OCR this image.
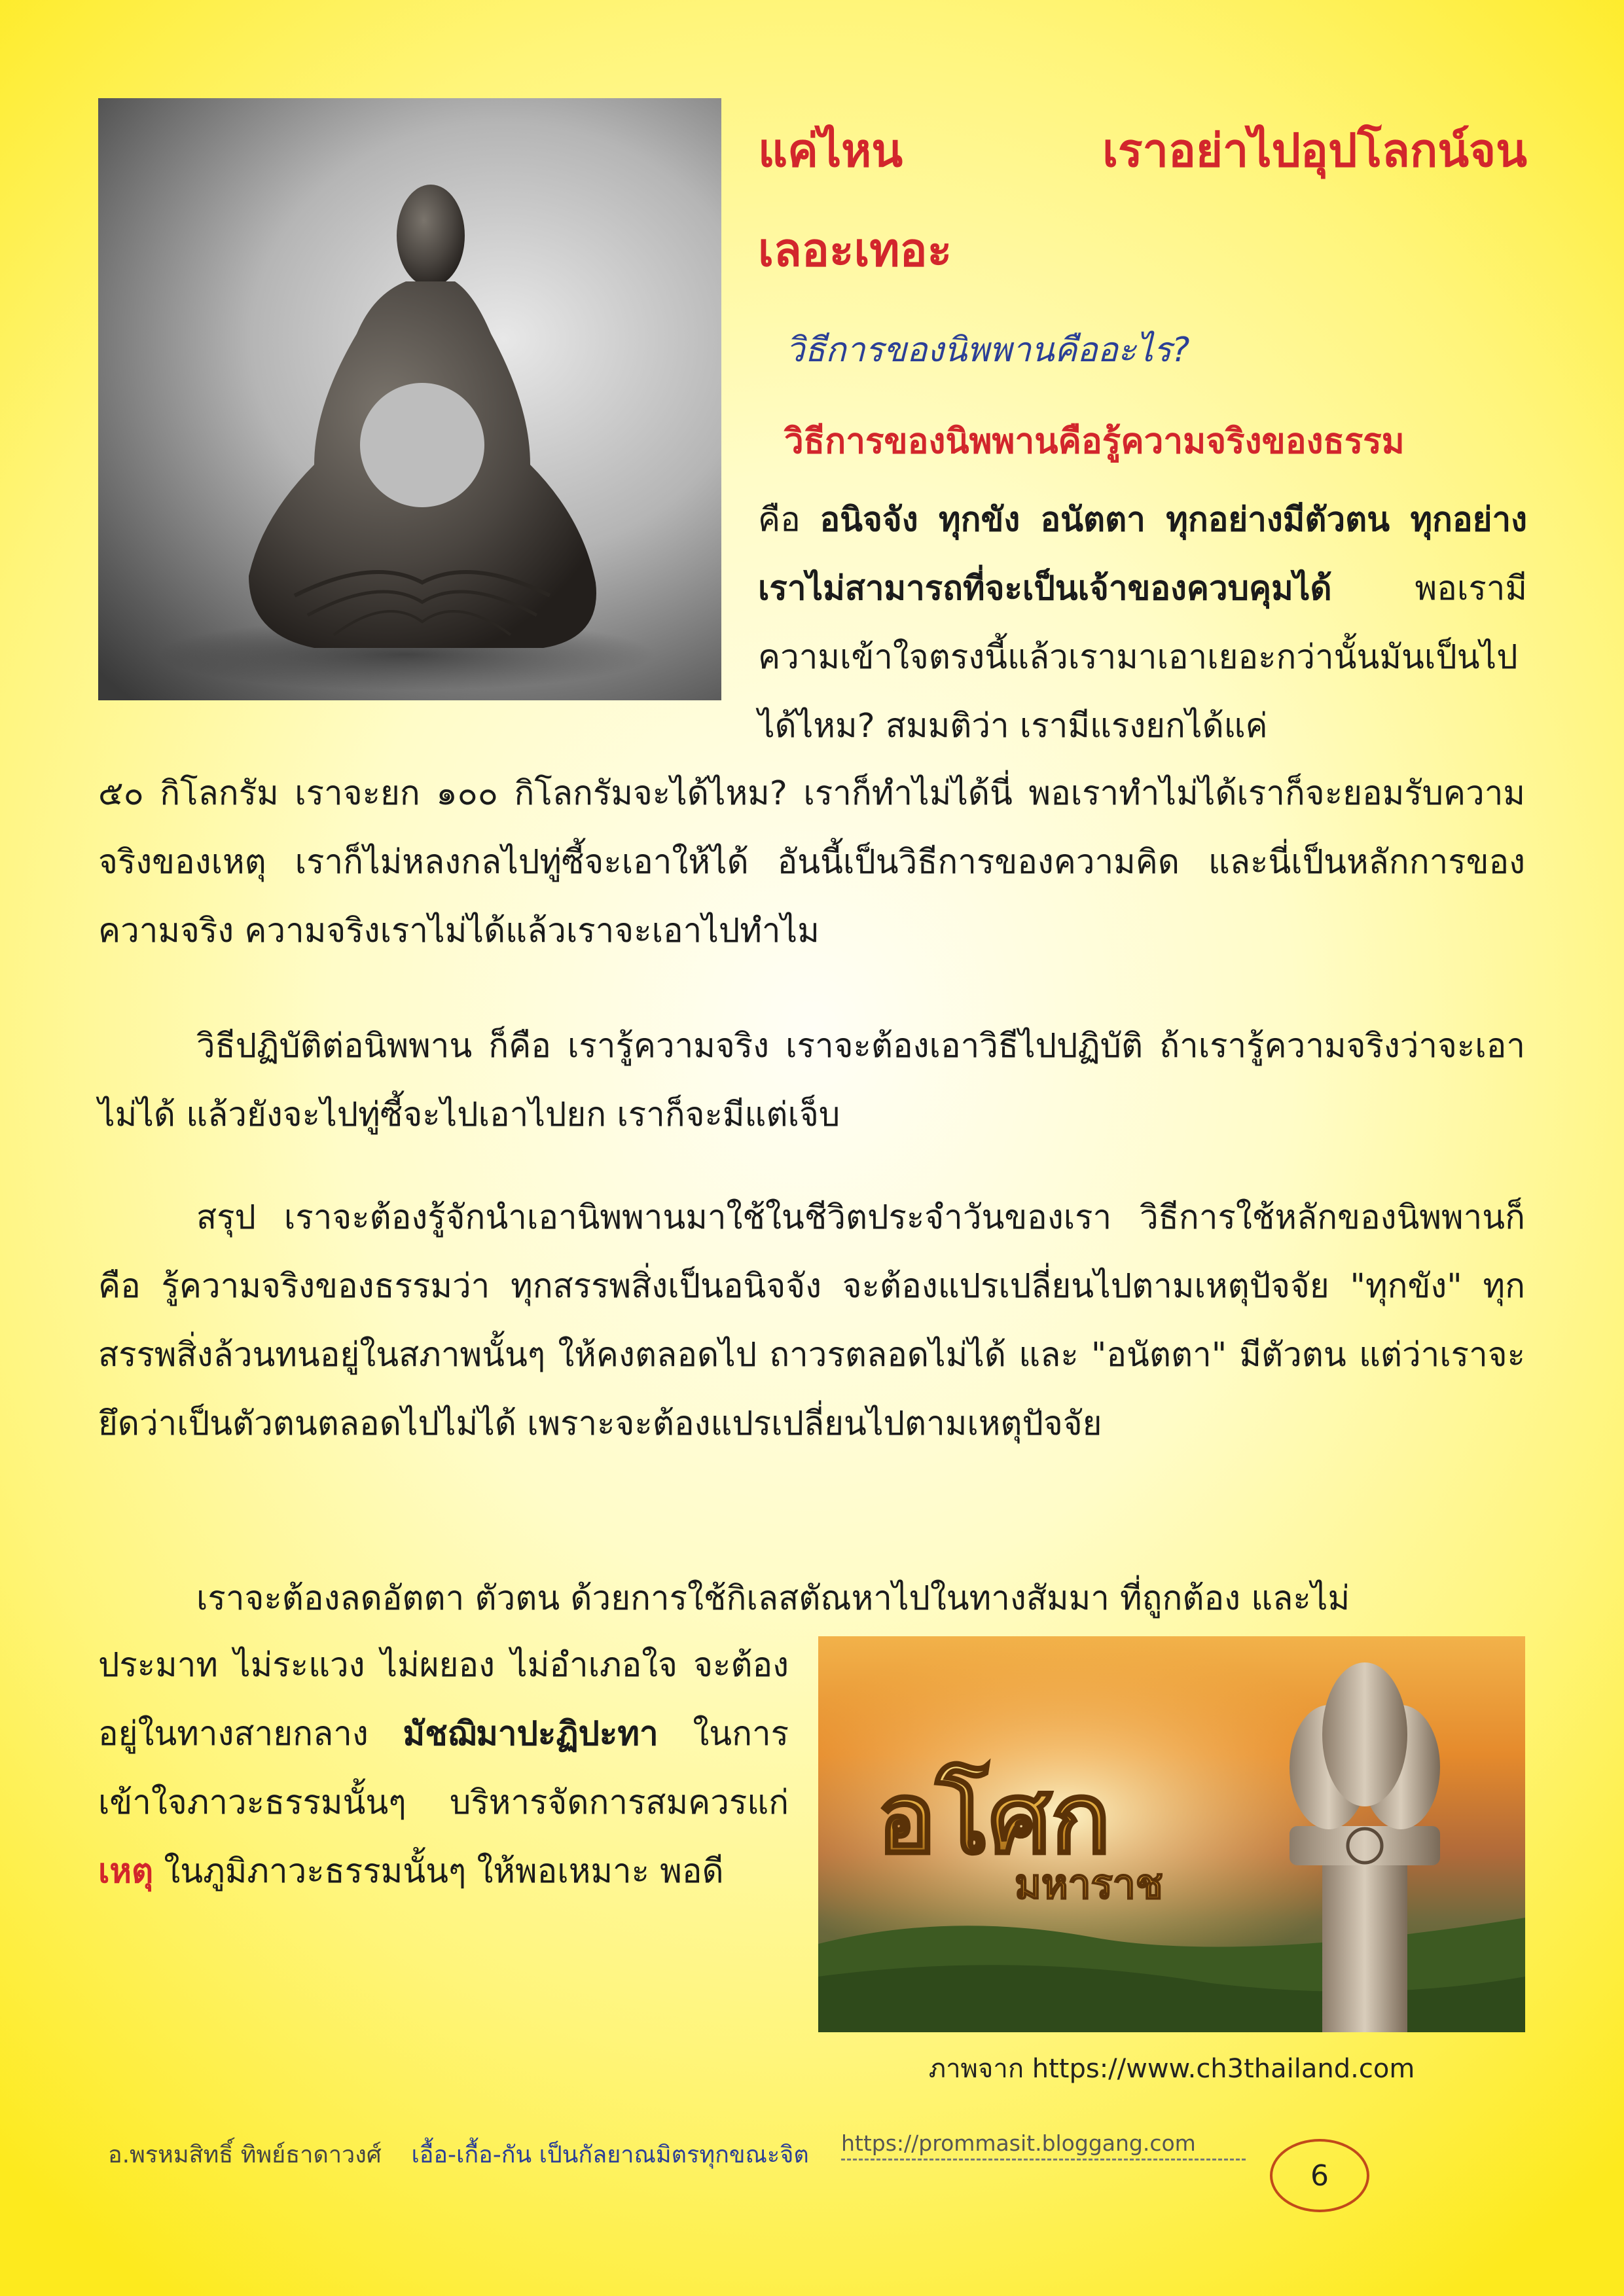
แค่ไหน เราอย่าไปอุปโลกน์จน
เลอะเทอะ
วิธีการของนิพพานคืออะไร?
วิธีการของนิพพานคือรู้ความจริงของธรรม

คือ อนิจจัง ทุกขัง อนัตตา ทุกอย่างมีตัวตน ทุกอย่างเราไม่สามารถที่จะเป็นเจ้าของควบคุมได้ พอเรามีความเข้าใจตรงนี้แล้วเรามาเอาเยอะกว่านั้นมันเป็นไปได้ไหม? สมมติว่า เรามีแรงยกได้แค่

๕๐ กิโลกรัม เราจะยก ๑๐๐ กิโลกรัมจะได้ไหม? เราก็ทำไม่ได้นี่ พอเราทำไม่ได้เราก็จะยอมรับความจริงของเหตุ เราก็ไม่หลงกลไปทู่ซี้จะเอาให้ได้ อันนี้เป็นวิธีการของความคิด และนี่เป็นหลักการของความจริง ความจริงเราไม่ได้แล้วเราจะเอาไปทำไม

วิธีปฏิบัติต่อนิพพาน ก็คือ เรารู้ความจริง เราจะต้องเอาวิธีไปปฏิบัติ ถ้าเรารู้ความจริงว่าจะเอาไม่ได้ แล้วยังจะไปทู่ซี้จะไปเอาไปยก เราก็จะมีแต่เจ็บ

สรุป เราจะต้องรู้จักนำเอานิพพานมาใช้ในชีวิตประจำวันของเรา วิธีการใช้หลักของนิพพานก็คือ รู้ความจริงของธรรมว่า ทุกสรรพสิ่งเป็นอนิจจัง จะต้องแปรเปลี่ยนไปตามเหตุปัจจัย "ทุกขัง" ทุกสรรพสิ่งล้วนทนอยู่ในสภาพนั้นๆ ให้คงตลอดไป ถาวรตลอดไม่ได้ และ "อนัตตา" มีตัวตน แต่ว่าเราจะยึดว่าเป็นตัวตนตลอดไปไม่ได้ เพราะจะต้องแปรเปลี่ยนไปตามเหตุปัจจัย

เราจะต้องลดอัตตา ตัวตน ด้วยการใช้กิเลสตัณหาไปในทางสัมมา ที่ถูกต้อง และไม่

ประมาท ไม่ระแวง ไม่ผยอง ไม่อำเภอใจ จะต้องอยู่ในทางสายกลาง มัชฌิมาปะฏิปะทา ในการเข้าใจภาวะธรรมนั้นๆ บริหารจัดการสมควรแก่เหตุ ในภูมิภาวะธรรมนั้นๆ ให้พอเหมาะ พอดี	อโศก
มหาราช
ภาพจาก https://www.ch3thailand.com
อ.พรหมสิทธิ์ ทิพย์ธาดาวงศ์ เอื้อ-เกื้อ-กัน เป็นกัลยาณมิตรทุกขณะจิต https://prommasit.bloggang.com
6
